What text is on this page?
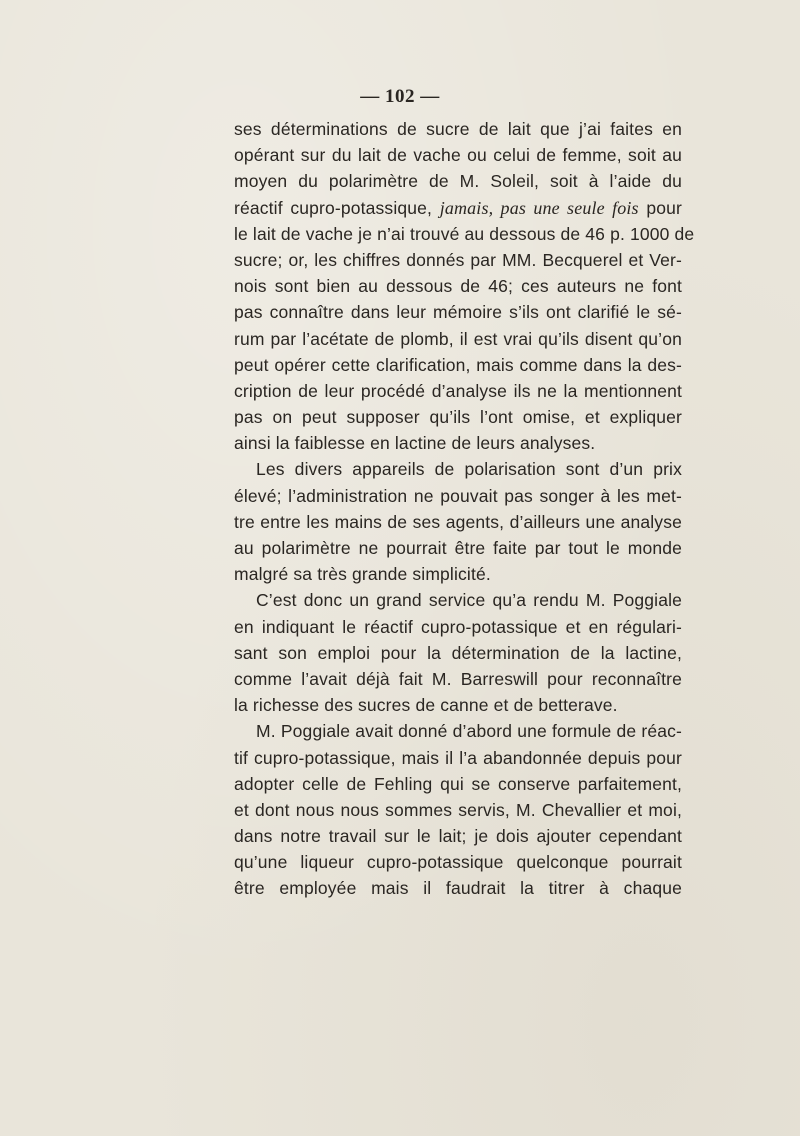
— 102 —
ses déterminations de sucre de lait que j’ai faites en
opérant sur du lait de vache ou celui de femme, soit au
moyen du polarimètre de M. Soleil, soit à l’aide du
réactif cupro-potassique, jamais, pas une seule fois pour
le lait de vache je n’ai trouvé au dessous de 46 p. 1000 de
sucre; or, les chiffres donnés par MM. Becquerel et Ver-
nois sont bien au dessous de 46; ces auteurs ne font
pas connaître dans leur mémoire s’ils ont clarifié le sé-
rum par l’acétate de plomb, il est vrai qu’ils disent qu’on
peut opérer cette clarification, mais comme dans la des-
cription de leur procédé d’analyse ils ne la mentionnent
pas on peut supposer qu’ils l’ont omise, et expliquer
ainsi la faiblesse en lactine de leurs analyses.
Les divers appareils de polarisation sont d’un prix
élevé; l’administration ne pouvait pas songer à les met-
tre entre les mains de ses agents, d’ailleurs une analyse
au polarimètre ne pourrait être faite par tout le monde
malgré sa très grande simplicité.
C’est donc un grand service qu’a rendu M. Poggiale
en indiquant le réactif cupro-potassique et en régulari-
sant son emploi pour la détermination de la lactine,
comme l’avait déjà fait M. Barreswill pour reconnaître
la richesse des sucres de canne et de betterave.
M. Poggiale avait donné d’abord une formule de réac-
tif cupro-potassique, mais il l’a abandonnée depuis pour
adopter celle de Fehling qui se conserve parfaitement,
et dont nous nous sommes servis, M. Chevallier et moi,
dans notre travail sur le lait; je dois ajouter cependant
qu’une liqueur cupro-potassique quelconque pourrait
être employée mais il faudrait la titrer à chaque
